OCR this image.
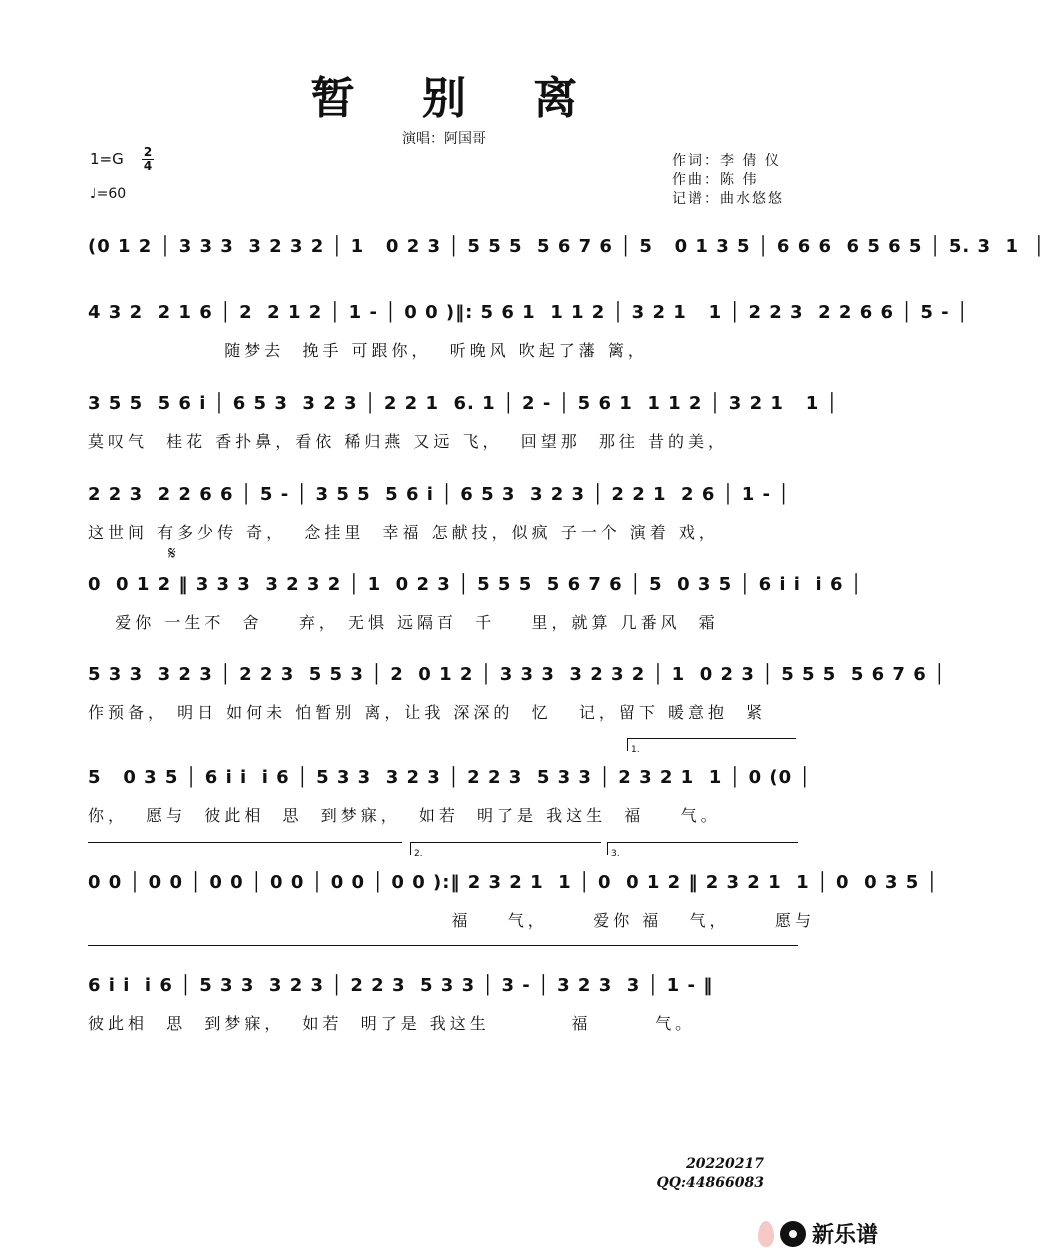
暂 别 离
演唱：阿国哥
1=G 2
4
♩=60
作词：李 倩 仪
作曲：陈 伟
记谱：曲水悠悠
(0 1 2 │ 3 3 3  3 2 3 2 │ 1   0 2 3 │ 5 5 5  5 6 7 6 │ 5   0 1 3 5 │ 6 6 6  6 5 6 5 │ 5. 3  1  │
4 3 2  2 1 6 │ 2  2 1 2 │ 1 - │ 0 0 )‖: 5 6 1  1 1 2 │ 3 2 1   1 │ 2 2 3  2 2 6 6 │ 5 - │
随梦去  挽手 可跟你，  听晚风 吹起了藩 篱，
3 5 5  5 6 i │ 6 5 3  3 2 3 │ 2 2 1  6. 1 │ 2 - │ 5 6 1  1 1 2 │ 3 2 1   1 │
莫叹气  桂花 香扑鼻，看依 稀归燕 又远 飞，  回望那  那往 昔的美，
2 2 3  2 2 6 6 │ 5 - │ 3 5 5  5 6 i │ 6 5 3  3 2 3 │ 2 2 1  2 6 │ 1 - │
这世间 有多少传 奇，  念挂里  幸福 怎献技，似疯 子一个 演着 戏，
𝄋
0  0 1 2 ‖ 3 3 3  3 2 3 2 │ 1  0 2 3 │ 5 5 5  5 6 7 6 │ 5  0 3 5 │ 6 i i  i 6 │
爱你 一生不  舍    弃， 无惧 远隔百  千    里，就算 几番风  霜
5 3 3  3 2 3 │ 2 2 3  5 5 3 │ 2  0 1 2 │ 3 3 3  3 2 3 2 │ 1  0 2 3 │ 5 5 5  5 6 7 6 │
作预备， 明日 如何未 怕暂别 离，让我 深深的  忆   记，留下 暖意抱  紧
1.
5   0 3 5 │ 6 i i  i 6 │ 5 3 3  3 2 3 │ 2 2 3  5 3 3 │ 2 3 2 1  1 │ 0 (0 │
你，  愿与  彼此相  思  到梦寐，  如若  明了是 我这生  福    气。
2.	3.
0 0 │ 0 0 │ 0 0 │ 0 0 │ 0 0 │ 0 0 ):‖ 2 3 2 1  1 │ 0  0 1 2 ‖ 2 3 2 1  1 │ 0  0 3 5 │
福    气，     爱你 福   气，     愿与
6 i i  i 6 │ 5 3 3  3 2 3 │ 2 2 3  5 3 3 │ 3 - │ 3 2 3  3 │ 1 - ‖
彼此相  思  到梦寐，  如若  明了是 我这生         福       气。
20220217
QQ:44866083
新乐谱
